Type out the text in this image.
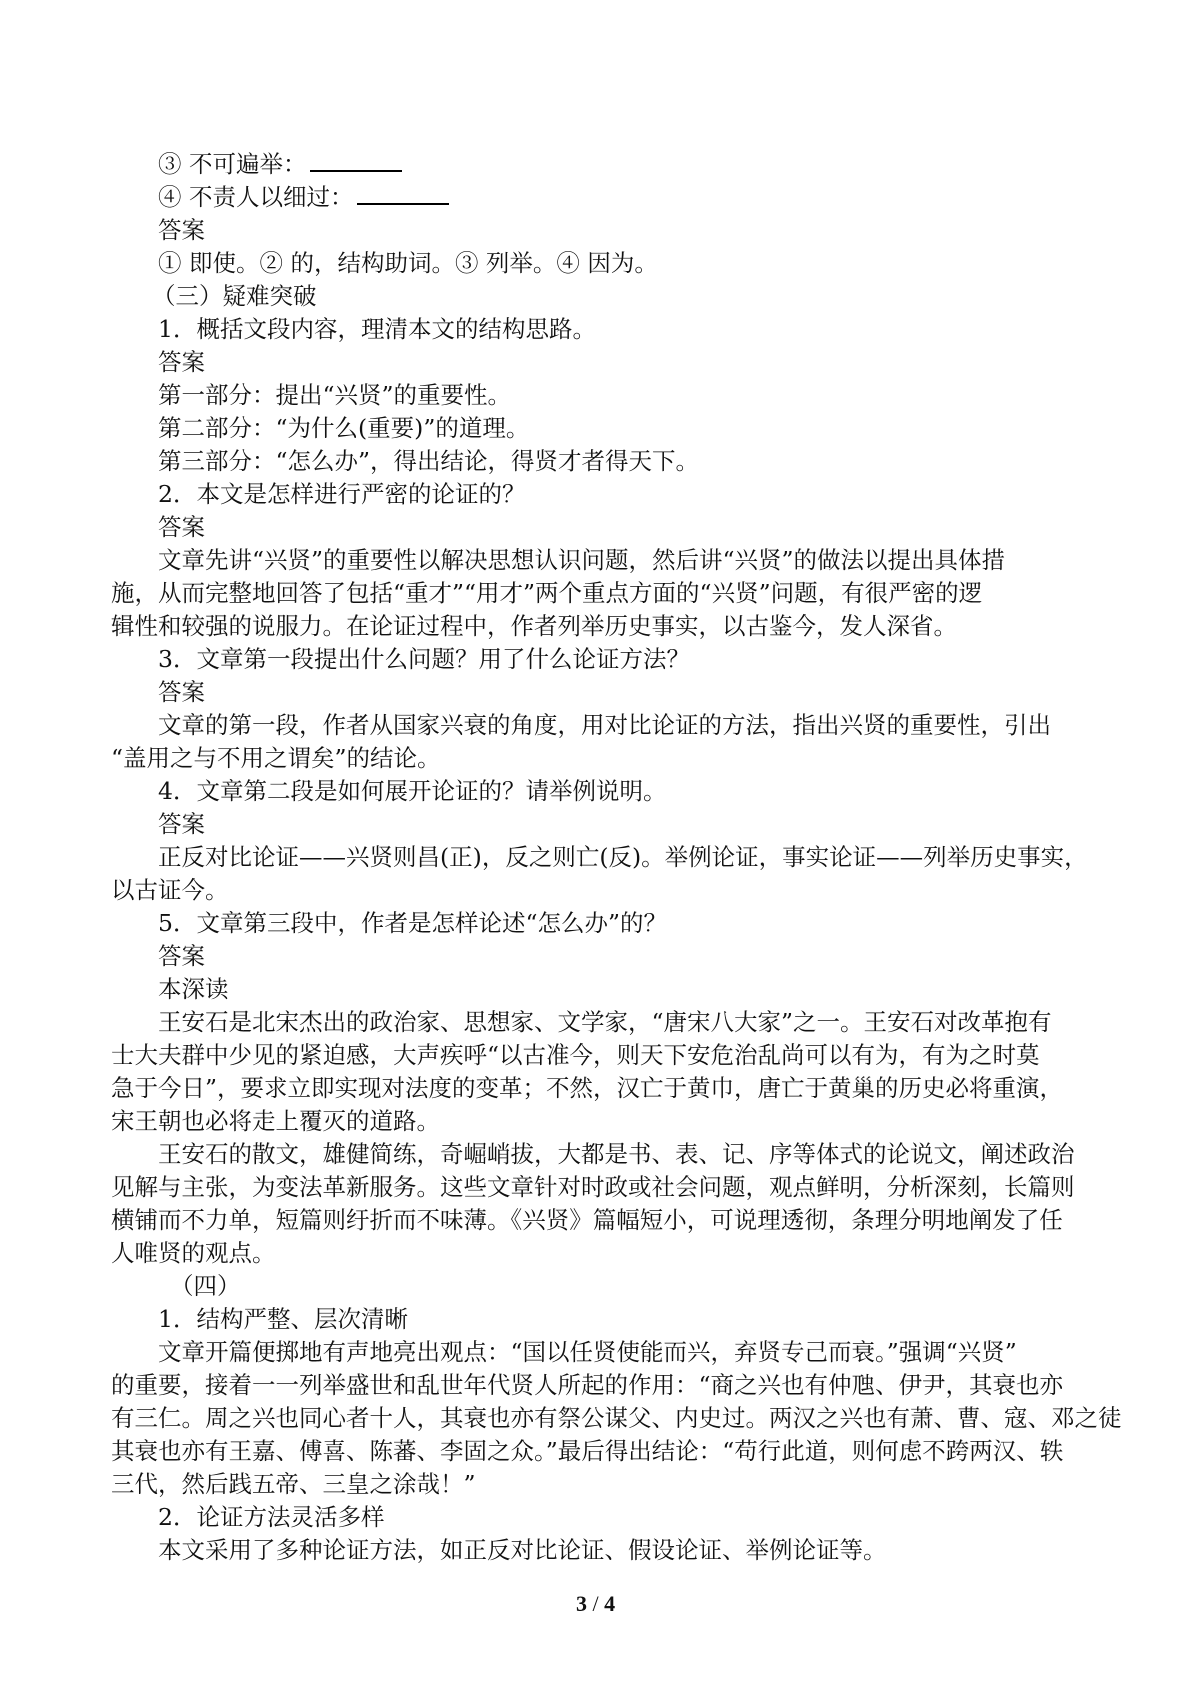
③ 不可遍举：
④ 不责人以细过：
答案
① 即使。② 的，结构助词。③ 列举。④ 因为。
（三）疑难突破
1．概括文段内容，理清本文的结构思路。
答案
第一部分：提出“兴贤”的重要性。
第二部分：“为什么(重要)”的道理。
第三部分：“怎么办”，得出结论，得贤才者得天下。
2．本文是怎样进行严密的论证的？
答案
文章先讲“兴贤”的重要性以解决思想认识问题，然后讲“兴贤”的做法以提出具体措
施，从而完整地回答了包括“重才”“用才”两个重点方面的“兴贤”问题，有很严密的逻
辑性和较强的说服力。在论证过程中，作者列举历史事实，以古鉴今，发人深省。
3．文章第一段提出什么问题？用了什么论证方法？
答案
文章的第一段，作者从国家兴衰的角度，用对比论证的方法，指出兴贤的重要性，引出
“盖用之与不用之谓矣”的结论。
4．文章第二段是如何展开论证的？请举例说明。
答案
正反对比论证——兴贤则昌(正)，反之则亡(反)。举例论证，事实论证——列举历史事实，
以古证今。
5．文章第三段中，作者是怎样论述“怎么办”的？
答案
本深读
王安石是北宋杰出的政治家、思想家、文学家，“唐宋八大家”之一。王安石对改革抱有
士大夫群中少见的紧迫感，大声疾呼“以古准今，则天下安危治乱尚可以有为，有为之时莫
急于今日”，要求立即实现对法度的变革；不然，汉亡于黄巾，唐亡于黄巢的历史必将重演，
宋王朝也必将走上覆灭的道路。
王安石的散文，雄健简练，奇崛峭拔，大都是书、表、记、序等体式的论说文，阐述政治
见解与主张，为变法革新服务。这些文章针对时政或社会问题，观点鲜明，分析深刻，长篇则
横铺而不力单，短篇则纡折而不味薄。《兴贤》篇幅短小，可说理透彻，条理分明地阐发了任
人唯贤的观点。
（四）
1．结构严整、层次清晰
文章开篇便掷地有声地亮出观点：“国以任贤使能而兴，弃贤专己而衰。”强调“兴贤”
的重要，接着一一列举盛世和乱世年代贤人所起的作用：“商之兴也有仲虺、伊尹，其衰也亦
有三仁。周之兴也同心者十人，其衰也亦有祭公谋父、内史过。两汉之兴也有萧、曹、寇、邓之徒
其衰也亦有王嘉、傅喜、陈蕃、李固之众。”最后得出结论：“苟行此道，则何虑不跨两汉、轶
三代，然后践五帝、三皇之涂哉！”
2．论证方法灵活多样
本文采用了多种论证方法，如正反对比论证、假设论证、举例论证等。
3 / 4
